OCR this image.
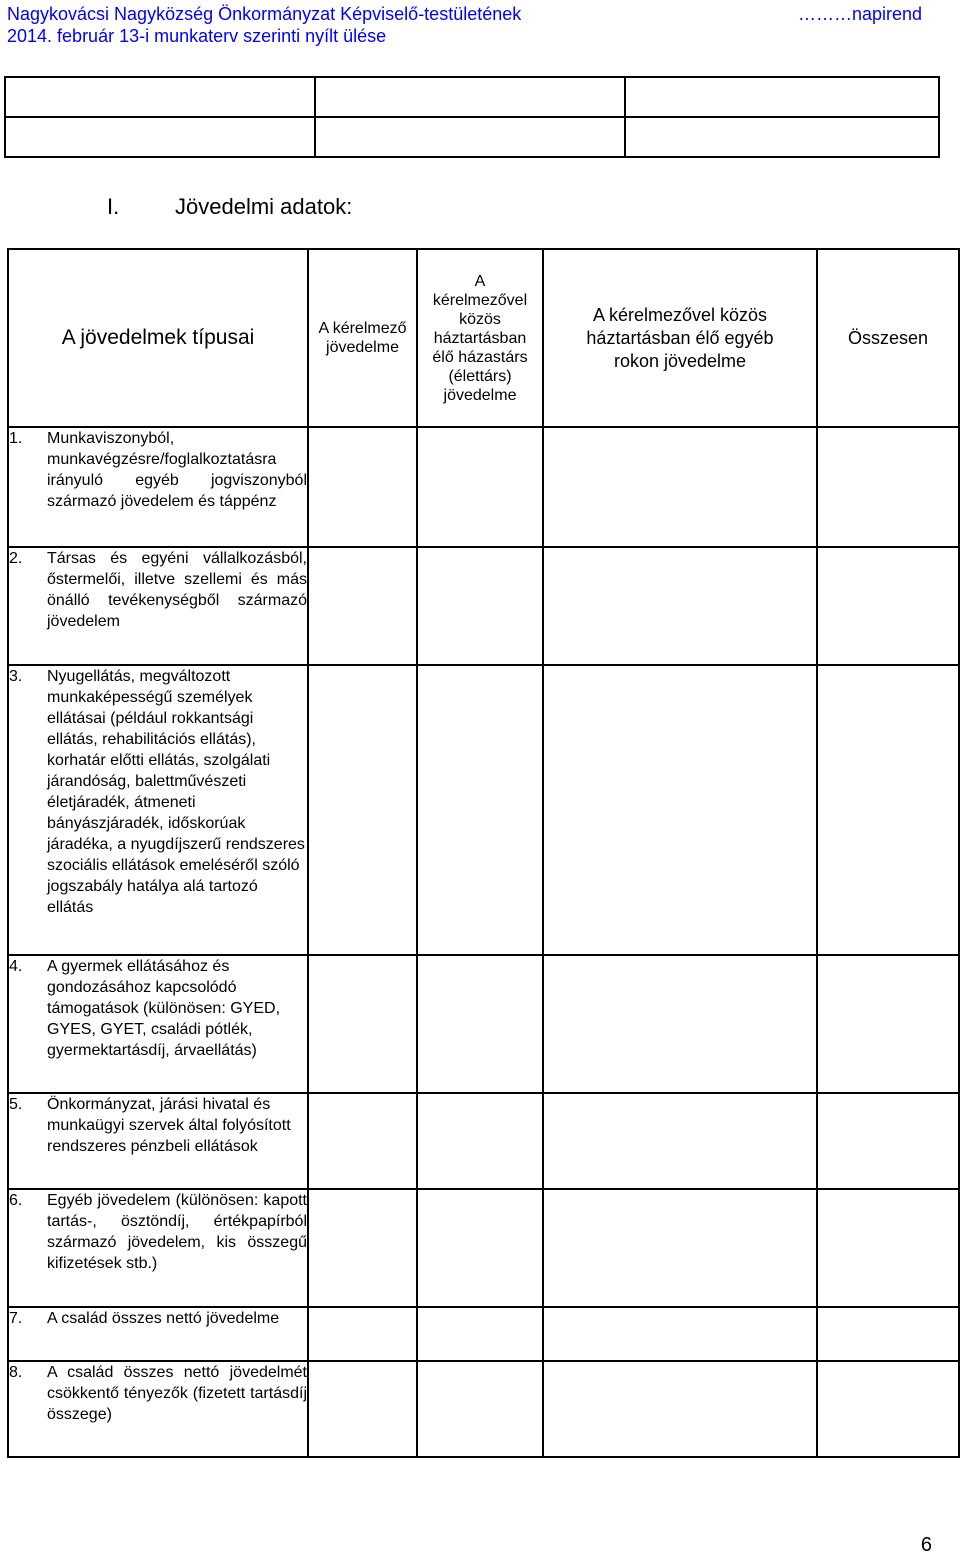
Nagykovácsi Nagyközség Önkormányzat Képviselő-testületének
2014. február 13-i munkaterv szerinti nyílt ülése
………napirend

I.	Jövedelmi adatok:
A jövedelmek típusai	A kérelmező jövedelme	A kérelmezővel közös háztartásban élő házastárs (élettárs) jövedelme	A kérelmezővel közös háztartásban élő egyéb rokon jövedelme	Összesen

1. Munkaviszonyból, munkavégzésre/foglalkoztatásra irányuló egyéb jogviszonyból származó jövedelem és táppénz				

2. Társas és egyéni vállalkozásból, őstermelői, illetve szellemi és más önálló tevékenységből származó jövedelem				

3. Nyugellátás, megváltozott munkaképességű személyek ellátásai (például rokkantsági ellátás, rehabilitációs ellátás), korhatár előtti ellátás, szolgálati járandóság, balettművészeti életjáradék, átmeneti bányászjáradék, időskorúak járadéka, a nyugdíjszerű rendszeres szociális ellátások emeléséről szóló jogszabály hatálya alá tartozó ellátás				

4. A gyermek ellátásához és gondozásához kapcsolódó támogatások (különösen: GYED, GYES, GYET, családi pótlék, gyermektartásdíj, árvaellátás)				

5. Önkormányzat, járási hivatal és munkaügyi szervek által folyósított rendszeres pénzbeli ellátások				

6. Egyéb jövedelem (különösen: kapott tartás-, ösztöndíj, értékpapírból származó jövedelem, kis összegű kifizetések stb.)				

7. A család összes nettó jövedelme				

8. A család összes nettó jövedelmét csökkentő tényezők (fizetett tartásdíj összege)				

6
